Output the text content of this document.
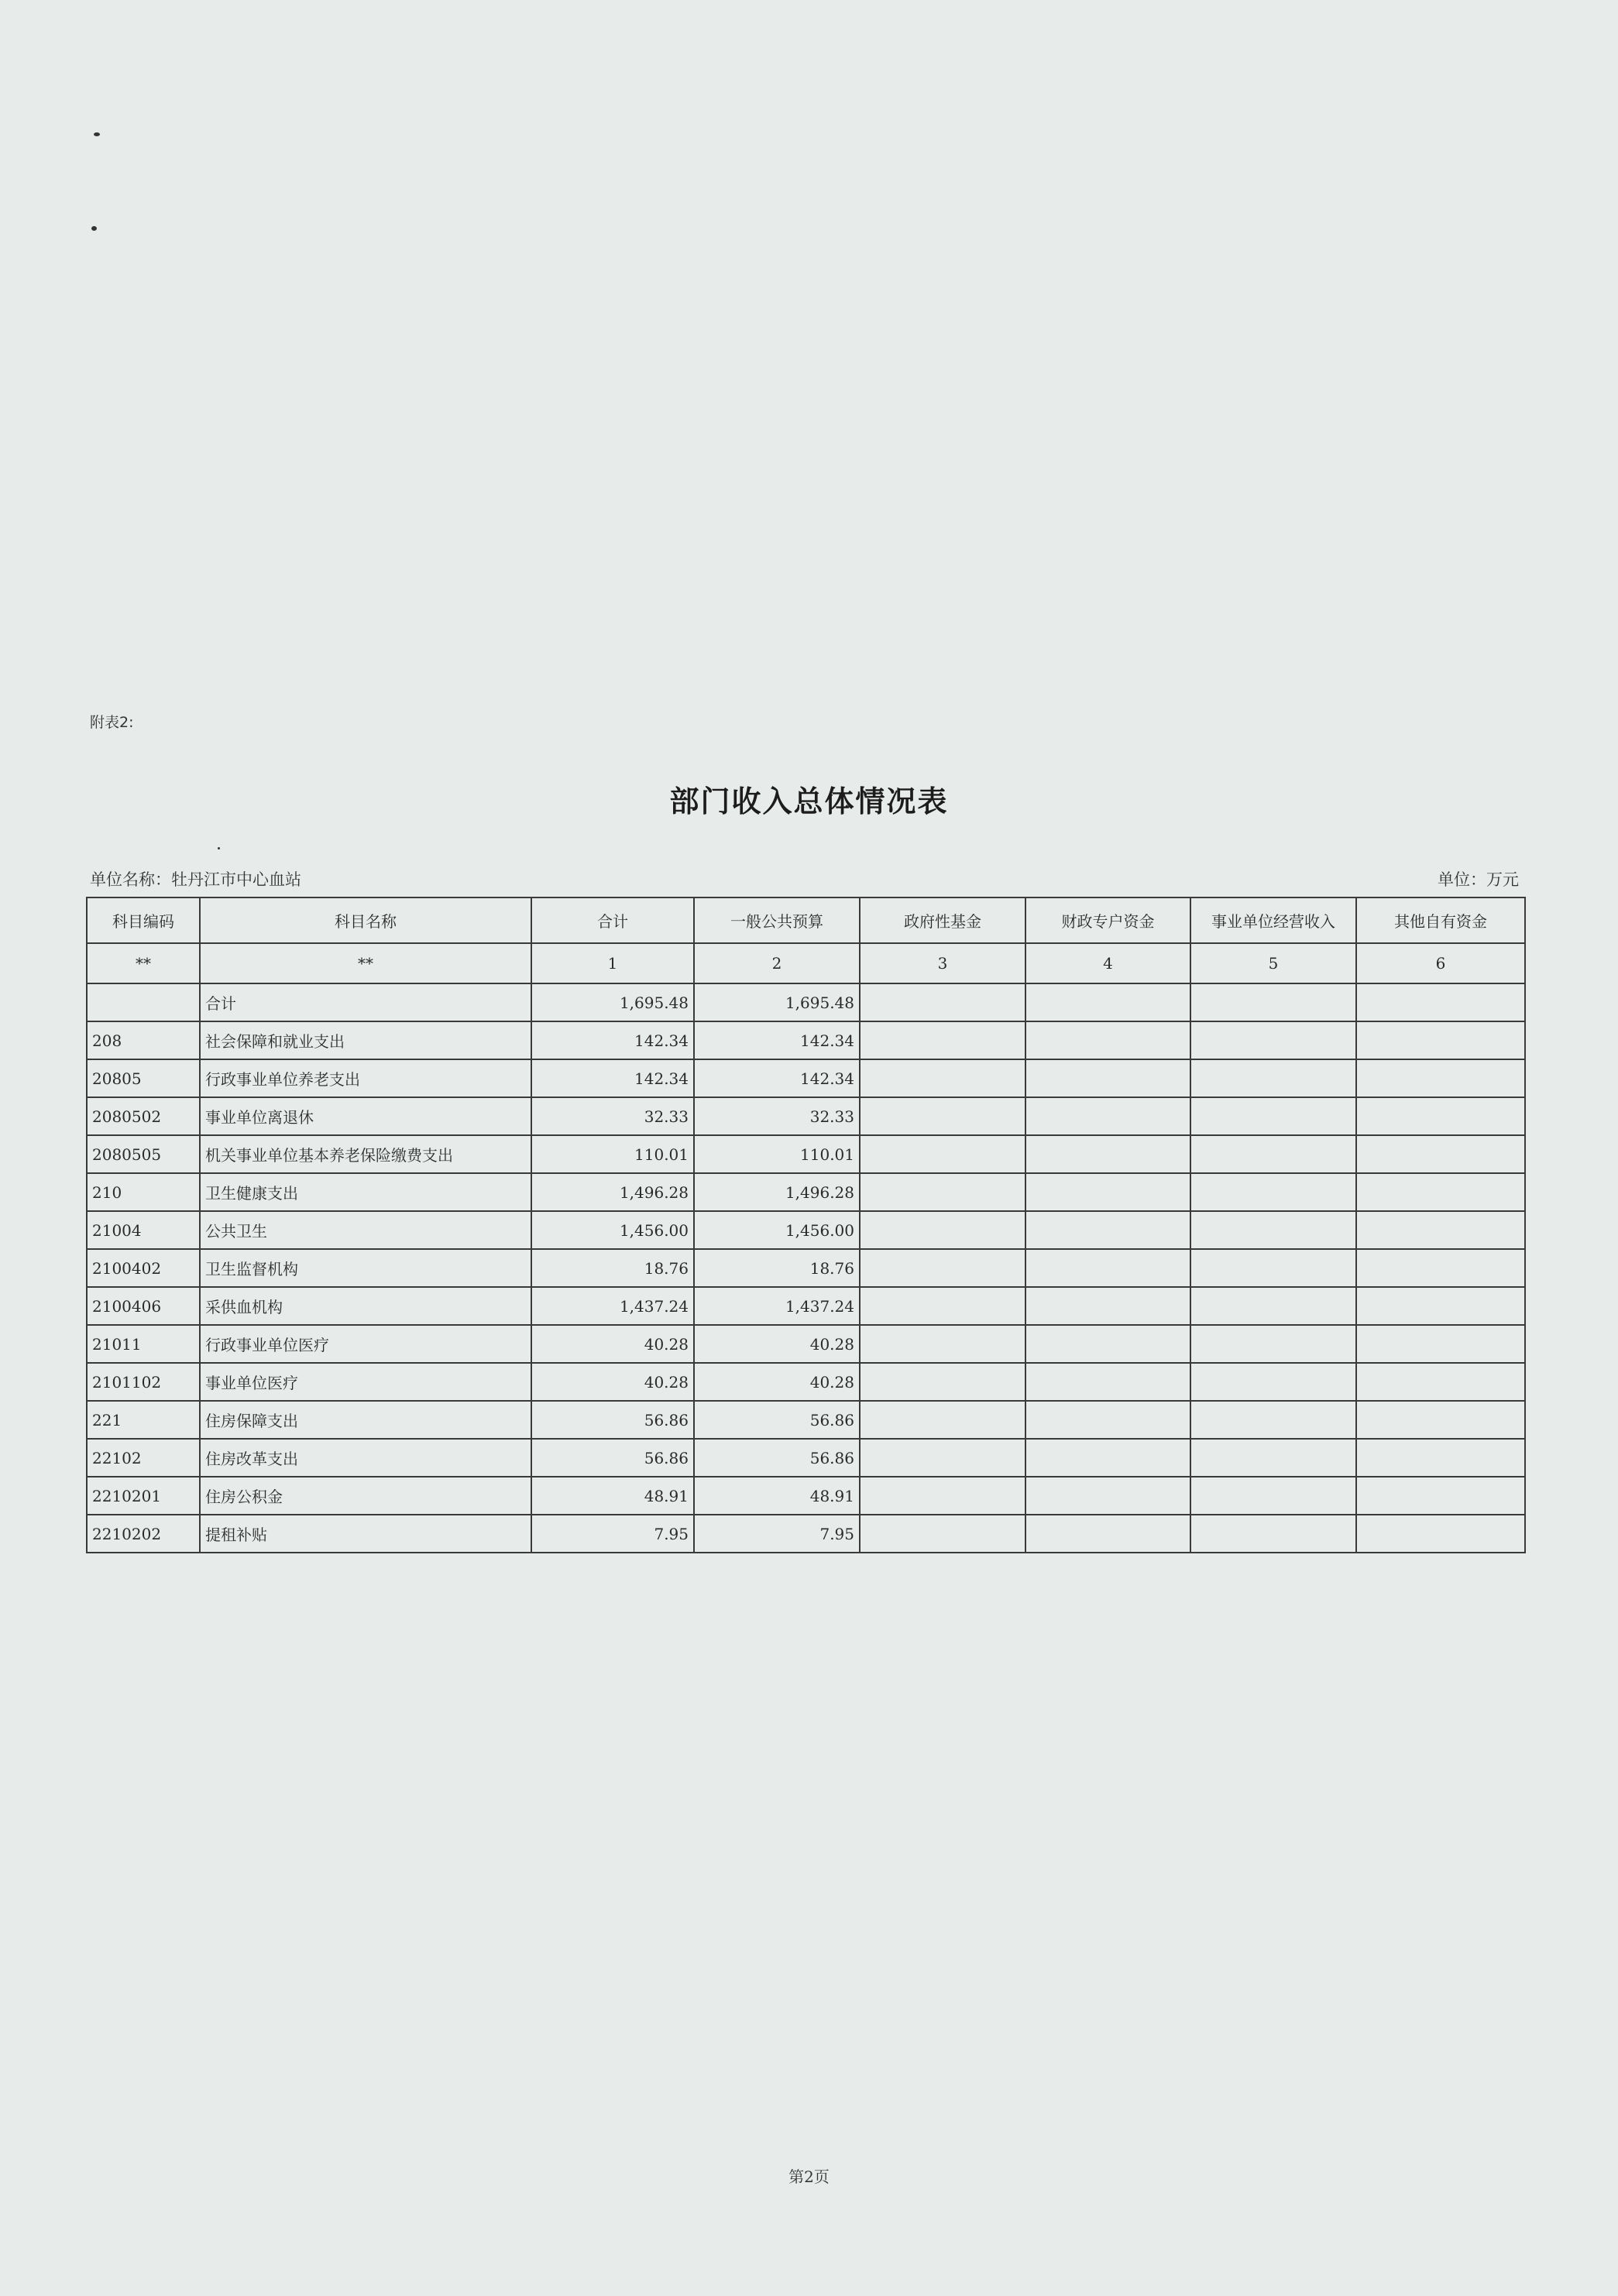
附表2:
部门收入总体情况表
单位名称：牡丹江市中心血站	单位：万元
科目编码	科目名称	合计	一般公共预算	政府性基金	财政专户资金	事业单位经营收入	其他自有资金
**	**	1	2	3	4	5	6
	合计	1,695.48	1,695.48				
208	社会保障和就业支出	142.34	142.34				
20805	行政事业单位养老支出	142.34	142.34				
2080502	事业单位离退休	32.33	32.33				
2080505	机关事业单位基本养老保险缴费支出	110.01	110.01				
210	卫生健康支出	1,496.28	1,496.28				
21004	公共卫生	1,456.00	1,456.00				
2100402	卫生监督机构	18.76	18.76				
2100406	采供血机构	1,437.24	1,437.24				
21011	行政事业单位医疗	40.28	40.28				
2101102	事业单位医疗	40.28	40.28				
221	住房保障支出	56.86	56.86				
22102	住房改革支出	56.86	56.86				
2210201	住房公积金	48.91	48.91				
2210202	提租补贴	7.95	7.95				
第2页
